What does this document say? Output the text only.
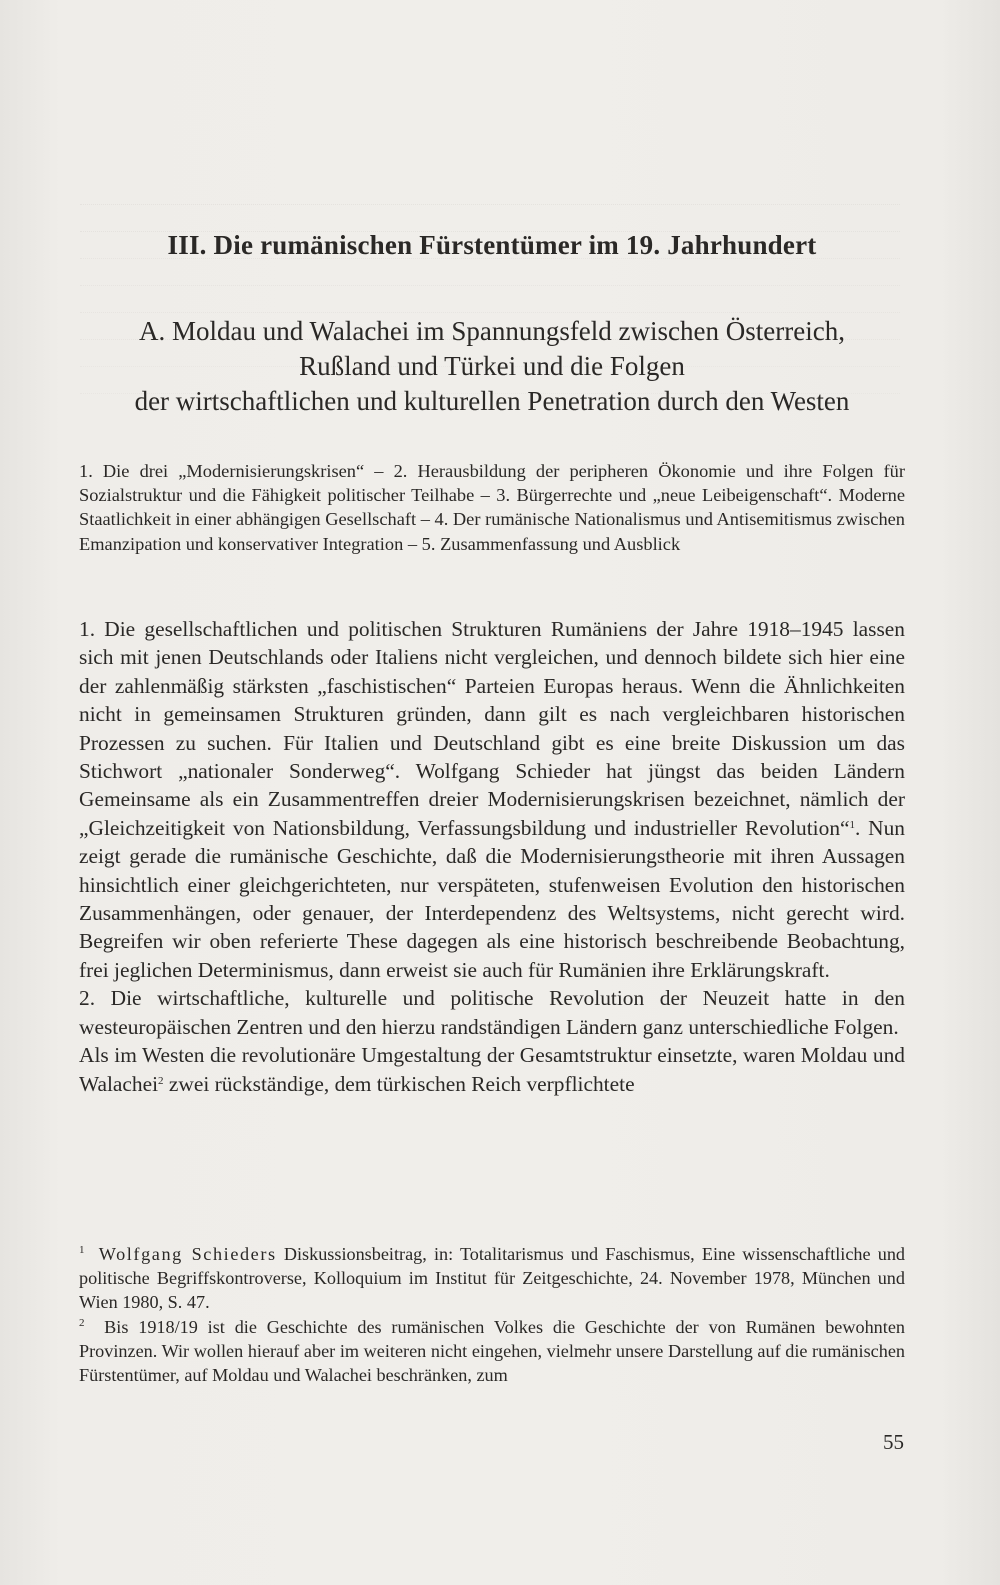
III. Die rumänischen Fürstentümer im 19. Jahrhundert
A. Moldau und Walachei im Spannungsfeld zwischen Österreich,
Rußland und Türkei und die Folgen
der wirtschaftlichen und kulturellen Penetration durch den Westen
1. Die drei „Modernisierungskrisen“ – 2. Herausbildung der peripheren Ökonomie und ihre Folgen für Sozialstruktur und die Fähigkeit politischer Teilhabe – 3. Bürgerrechte und „neue Leibeigenschaft“. Moderne Staatlichkeit in einer abhängigen Gesellschaft – 4. Der rumänische Nationalismus und Antisemitismus zwischen Emanzipation und konservativer Integration – 5. Zusammenfassung und Ausblick

1. Die gesellschaftlichen und politischen Strukturen Rumäniens der Jahre 1918–1945 lassen sich mit jenen Deutschlands oder Italiens nicht vergleichen, und dennoch bildete sich hier eine der zahlenmäßig stärksten „faschistischen“ Parteien Europas heraus. Wenn die Ähnlichkeiten nicht in gemeinsamen Strukturen gründen, dann gilt es nach vergleichbaren historischen Prozessen zu suchen. Für Italien und Deutschland gibt es eine breite Diskussion um das Stichwort „nationaler Sonderweg“. Wolfgang Schieder hat jüngst das beiden Ländern Gemeinsame als ein Zusammentreffen dreier Modernisierungskrisen bezeichnet, nämlich der „Gleichzeitigkeit von Nationsbildung, Verfassungsbildung und industrieller Revolution“$^1$. Nun zeigt gerade die rumänische Geschichte, daß die Modernisierungstheorie mit ihren Aussagen hinsichtlich einer gleichgerichteten, nur verspäteten, stufenweisen Evolution den historischen Zusammenhängen, oder genauer, der Interdependenz des Weltsystems, nicht gerecht wird. Begreifen wir oben referierte These dagegen als eine historisch beschreibende Beobachtung, frei jeglichen Determinismus, dann erweist sie auch für Rumänien ihre Erklärungskraft.

2. Die wirtschaftliche, kulturelle und politische Revolution der Neuzeit hatte in den westeuropäischen Zentren und den hierzu randständigen Ländern ganz unterschiedliche Folgen.

Als im Westen die revolutionäre Umgestaltung der Gesamtstruktur einsetzte, waren Moldau und Walachei$^2$ zwei rückständige, dem türkischen Reich verpflichtete

$^1$ Wolfgang Schieders Diskussionsbeitrag, in: Totalitarismus und Faschismus, Eine wissenschaftliche und politische Begriffskontroverse, Kolloquium im Institut für Zeitgeschichte, 24. November 1978, München und Wien 1980, S. 47.

$^2$  Bis 1918/19 ist die Geschichte des rumänischen Volkes die Geschichte der von Rumänen bewohnten Provinzen. Wir wollen hierauf aber im weiteren nicht eingehen, vielmehr unsere Darstellung auf die rumänischen Fürstentümer, auf Moldau und Walachei beschränken, zum

55
